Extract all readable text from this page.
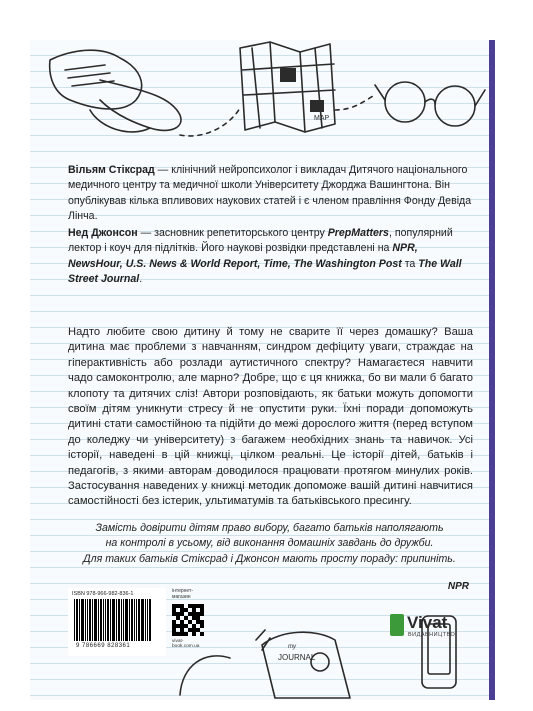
MAP

Вільям Стіксрад — клінічний нейропсихолог і викладач Дитячого національного медичного центру та медичної школи Університету Джорджа Вашингтона. Він опублікував кілька впливових наукових статей і є членом правління Фонду Девіда Лінча.

Нед Джонсон — засновник репетиторського центру PrepMatters, популярний лектор і коуч для підлітків. Його наукові розвідки представлені на NPR, NewsHour, U.S. News & World Report, Time, The Washington Post та The Wall Street Journal.

Надто любите свою дитину й тому не сварите її через домашку? Ваша дитина має проблеми з навчанням, синдром дефіциту уваги, страждає на гіперактивність або розлади аутистичного спектру? Намагаєтеся навчити чадо самоконтролю, але марно? Добре, що є ця книжка, бо ви мали б багато клопоту та дитячих сліз! Автори розповідають, як батьки можуть допомогти своїм дітям уникнути стресу й не опустити руки. Їхні поради допоможуть дитині стати самостійною та підійти до межі дорослого життя (перед вступом до коледжу чи університету) з багажем необхідних знань та навичок. Усі історії, наведені в цій книжці, цілком реальні. Це історії дітей, батьків і педагогів, з якими авторам доводилося працювати протягом минулих років. Застосування наведених у книжці методик допоможе вашій дитині навчитися самостійності без істерик, ультиматумів та батьківського пресингу.

Замість довірити дітям право вибору, багато батьків наполягають
на контролі в усьому, від виконання домашніх завдань до дружби.
Для таких батьків Стіксрад і Джонсон мають просту пораду: припиніть.

NPR
ISBN 978-966-982-836-1
9 786669 828361
інтернет-магазин
vivat-book.com.ua	my
JOURNAL
Vivat
ВИДАВНИЦТВО
